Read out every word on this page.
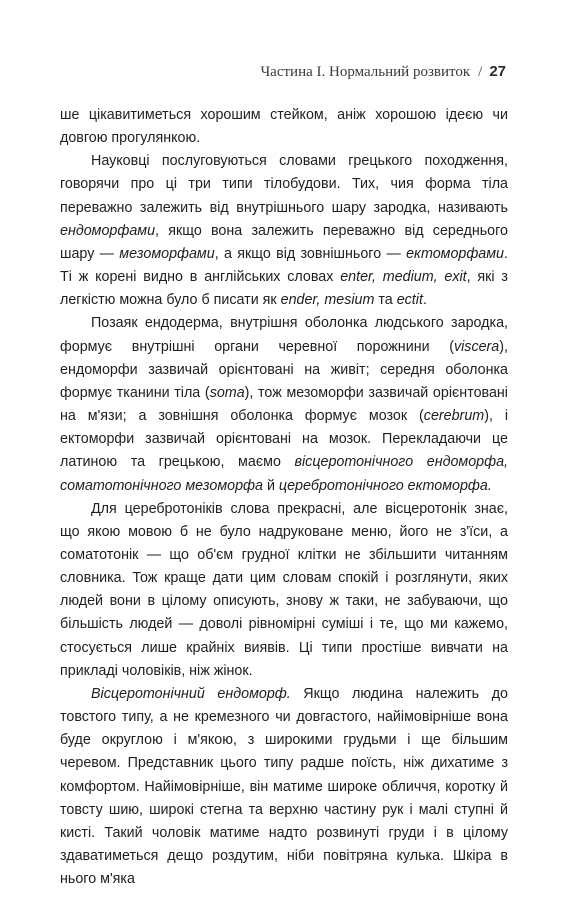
Частина I. Нормальний розвиток / 27

ше цікавитиметься хорошим стейком, аніж хорошою ідеєю чи довгою прогулянкою.

Науковці послуговуються словами грецького походження, говорячи про ці три типи тілобудови. Тих, чия форма тіла переважно залежить від внутрішнього шару зародка, називають ендоморфами, якщо вона залежить переважно від середнього шару — мезоморфами, а якщо від зовнішнього — ектоморфами. Ті ж корені видно в англійських словах enter, medium, exit, які з легкістю можна було б писати як ender, mesium та ectit.

Позаяк ендодерма, внутрішня оболонка людського зародка, формує внутрішні органи черевної порожнини (viscera), ендоморфи зазвичай орієнтовані на живіт; середня оболонка формує тканини тіла (soma), тож мезоморфи зазвичай орієнтовані на м'язи; а зовнішня оболонка формує мозок (cerebrum), і ектоморфи зазвичай орієнтовані на мозок. Перекладаючи це латиною та грецькою, маємо вісцеротонічного ендоморфа, соматотонічного мезоморфа й церебротонічного ектоморфа.

Для церебротоніків слова прекрасні, але вісцеротонік знає, що якою мовою б не було надруковане меню, його не з'їси, а соматотонік — що об'єм грудної клітки не збільшити читанням словника. Тож краще дати цим словам спокій і розглянути, яких людей вони в цілому описують, знову ж таки, не забуваючи, що більшість людей — доволі рівномірні суміші і те, що ми кажемо, стосується лише крайніх виявів. Ці типи простіше вивчати на прикладі чоловіків, ніж жінок.

Вісцеротонічний ендоморф. Якщо людина належить до товстого типу, а не кремезного чи довгастого, найімовірніше вона буде округлою і м'якою, з широкими грудьми і ще більшим черевом. Представник цього типу радше поїсть, ніж дихатиме з комфортом. Найімовірніше, він матиме широке обличчя, коротку й товсту шию, широкі стегна та верхню частину рук і малі ступні й кисті. Такий чоловік матиме надто розвинуті груди і в цілому здаватиметься дещо роздутим, ніби повітряна кулька. Шкіра в нього м'яка
